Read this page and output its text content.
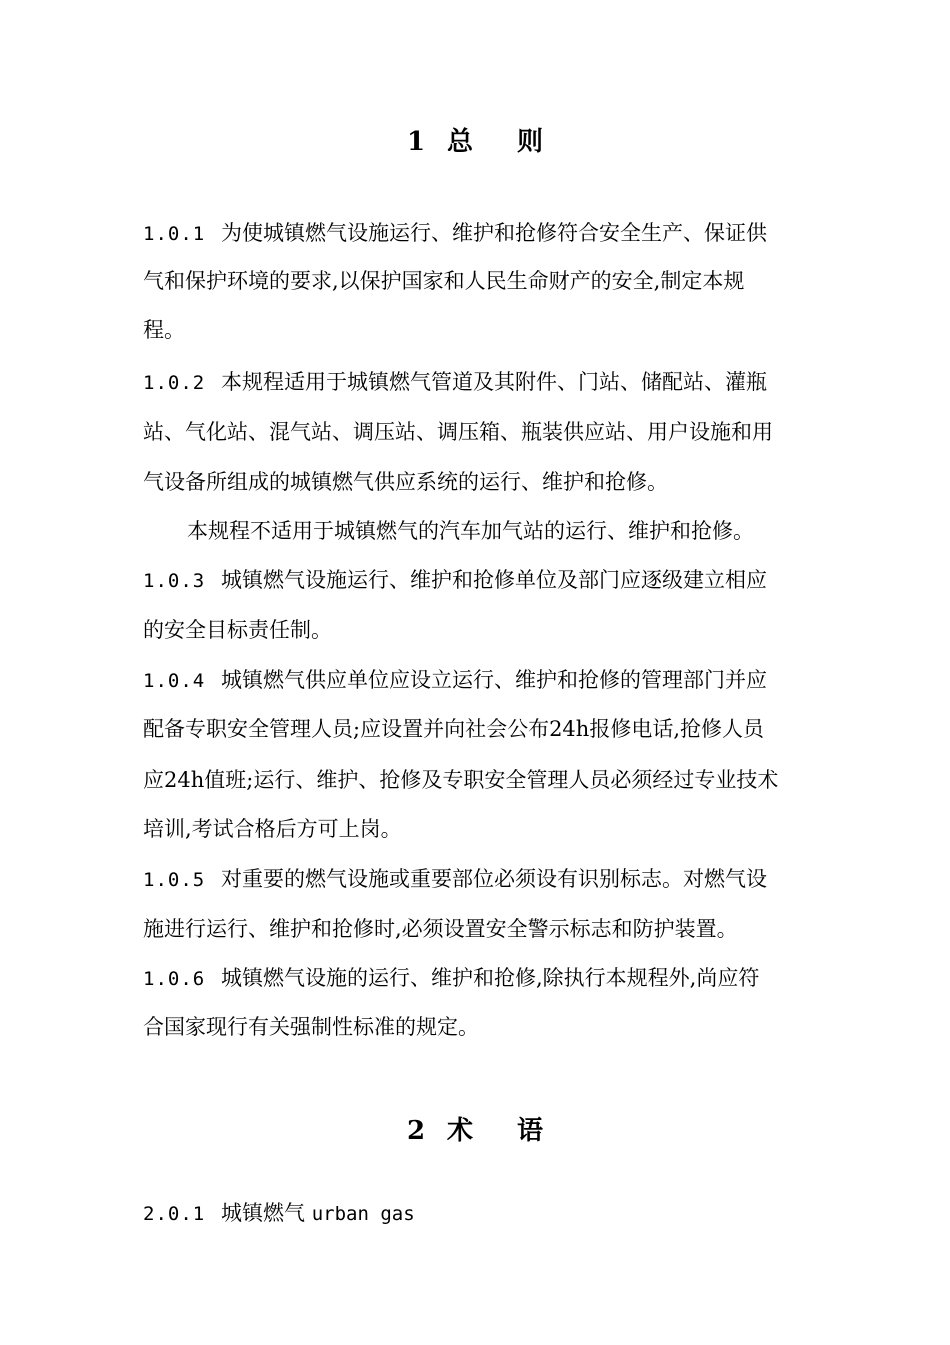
1 总 则
1.0.1 为使城镇燃气设施运行、维护和抢修符合安全生产、保证供
气和保护环境的要求,以保护国家和人民生命财产的安全,制定本规
程。
1.0.2 本规程适用于城镇燃气管道及其附件、门站、储配站、灌瓶
站、气化站、混气站、调压站、调压箱、瓶装供应站、用户设施和用
气设备所组成的城镇燃气供应系统的运行、维护和抢修。
本规程不适用于城镇燃气的汽车加气站的运行、维护和抢修。
1.0.3 城镇燃气设施运行、维护和抢修单位及部门应逐级建立相应
的安全目标责任制。
1.0.4 城镇燃气供应单位应设立运行、维护和抢修的管理部门并应
配备专职安全管理人员;应设置并向社会公布24h报修电话,抢修人员
应24h值班;运行、维护、抢修及专职安全管理人员必须经过专业技术
培训,考试合格后方可上岗。
1.0.5 对重要的燃气设施或重要部位必须设有识别标志。对燃气设
施进行运行、维护和抢修时,必须设置安全警示标志和防护装置。
1.0.6 城镇燃气设施的运行、维护和抢修,除执行本规程外,尚应符
合国家现行有关强制性标准的规定。
2 术 语
2.0.1 城镇燃气 urban gas
